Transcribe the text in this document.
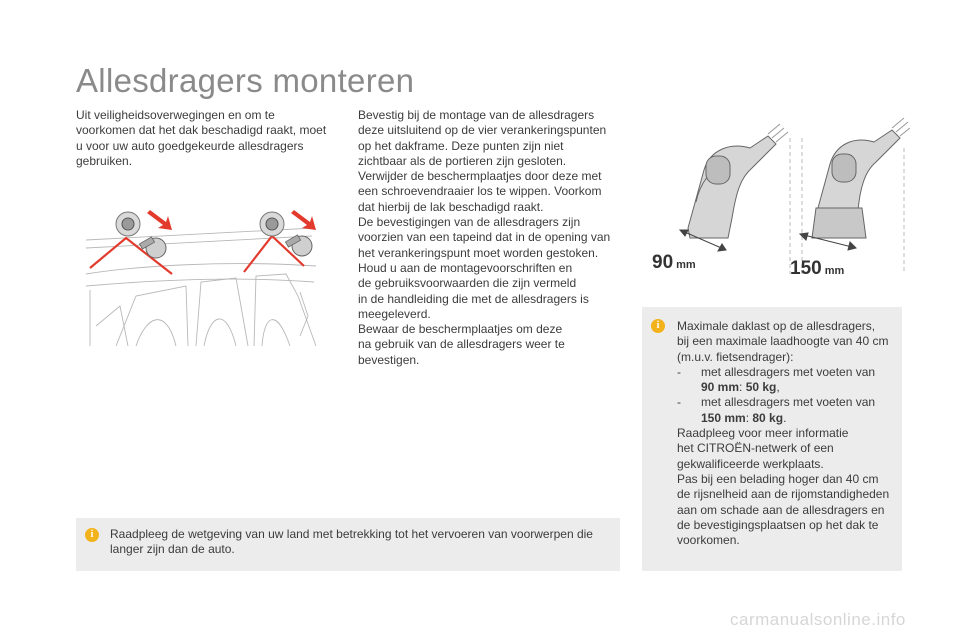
Allesdragers monteren

Uit veiligheidsoverwegingen en om te

voorkomen dat het dak beschadigd raakt, moet

u voor uw auto goedgekeurde allesdragers

gebruiken.

Bevestig bij de montage van de allesdragers

deze uitsluitend op de vier verankeringspunten

op het dakframe. Deze punten zijn niet

zichtbaar als de portieren zijn gesloten.

Verwijder de beschermplaatjes door deze met

een schroevendraaier los te wippen. Voorkom

dat hierbij de lak beschadigd raakt.

De bevestigingen van de allesdragers zijn

voorzien van een tapeind dat in de opening van

het verankeringspunt moet worden gestoken.

Houd u aan de montagevoorschriften en

de gebruiksvoorwaarden die zijn vermeld

in de handleiding die met de allesdragers is

meegeleverd.

Bewaar de beschermplaatjes om deze

na gebruik van de allesdragers weer te

bevestigen.

90 mm	150 mm
i	Raadpleeg de wetgeving van uw land met betrekking tot het vervoeren van voorwerpen die
langer zijn dan de auto.
i	Maximale daklast op de allesdragers,
bij een maximale laadhoogte van 40 cm
(m.u.v. fietsendrager):
-	met allesdragers met voeten van
90 mm: 50 kg,
-	met allesdragers met voeten van
150 mm: 80 kg.
Raadpleeg voor meer informatie
het CITROËN-netwerk of een
gekwalificeerde werkplaats.
Pas bij een belading hoger dan 40 cm
de rijsnelheid aan de rijomstandigheden
aan om schade aan de allesdragers en
de bevestigingsplaatsen op het dak te
voorkomen.
carmanualsonline.info
